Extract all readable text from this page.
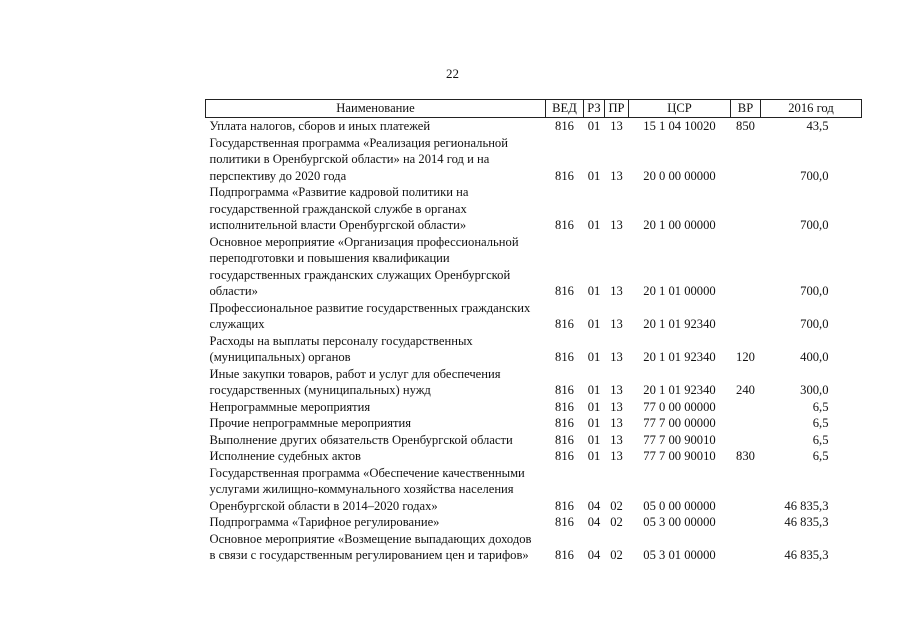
22
Наименование	ВЕД	РЗ	ПР	ЦСР	ВР	2016 год
Уплата налогов, сборов и иных платежей	816	01	13	15 1 04 10020	850	43,5
Государственная программа «Реализация региональной политики в Оренбургской области» на 2014 год и на перспективу до 2020 года	816	01	13	20 0 00 00000		700,0
Подпрограмма «Развитие кадровой политики на государственной гражданской службе в органах исполнительной власти Оренбургской области»	816	01	13	20 1 00 00000		700,0
Основное мероприятие «Организация профессиональной переподготовки и повышения квалификации государственных гражданских служащих Оренбургской области»	816	01	13	20 1 01 00000		700,0
Профессиональное развитие государственных гражданских служащих	816	01	13	20 1 01 92340		700,0
Расходы на выплаты персоналу государственных (муниципальных) органов	816	01	13	20 1 01 92340	120	400,0
Иные закупки товаров, работ и услуг для обеспечения государственных (муниципальных) нужд	816	01	13	20 1 01 92340	240	300,0
Непрограммные мероприятия	816	01	13	77 0 00 00000		6,5
Прочие непрограммные мероприятия	816	01	13	77 7 00 00000		6,5
Выполнение других обязательств Оренбургской области	816	01	13	77 7 00 90010		6,5
Исполнение судебных актов	816	01	13	77 7 00 90010	830	6,5
Государственная программа «Обеспечение качественными услугами жилищно-коммунального хозяйства населения Оренбургской области в 2014–2020 годах»	816	04	02	05 0 00 00000		46 835,3
Подпрограмма «Тарифное регулирование»	816	04	02	05 3 00 00000		46 835,3
Основное мероприятие «Возмещение выпадающих доходов в связи с государственным регулированием цен и тарифов»	816	04	02	05 3 01 00000		46 835,3
